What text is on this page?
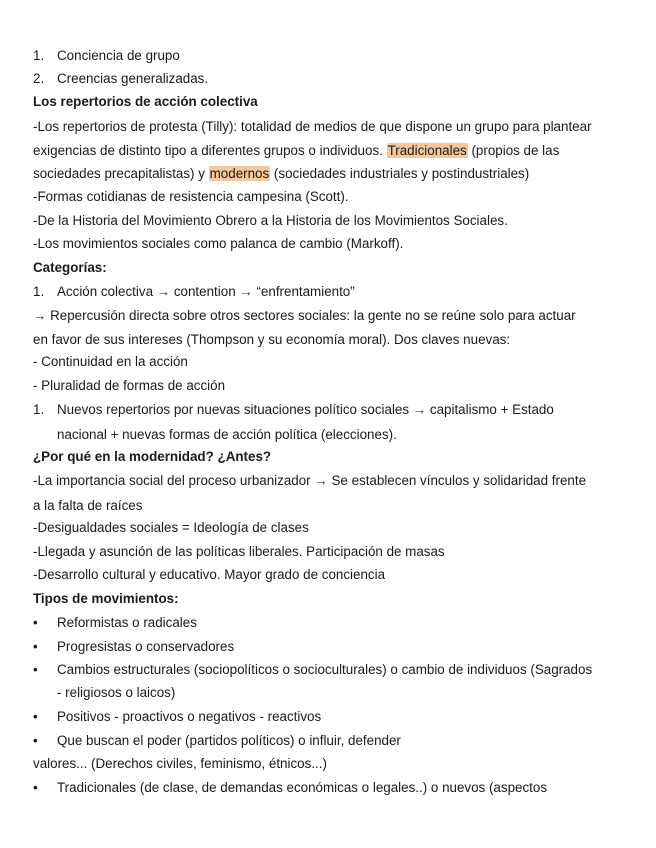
1. Conciencia de grupo
2. Creencias generalizadas.
Los repertorios de acción colectiva
-Los repertorios de protesta (Tilly): totalidad de medios de que dispone un grupo para plantear
exigencias de distinto tipo a diferentes grupos o individuos. Tradicionales (propios de las
sociedades precapitalistas) y modernos (sociedades industriales y postindustriales)
-Formas cotidianas de resistencia campesina (Scott).
-De la Historia del Movimiento Obrero a la Historia de los Movimientos Sociales.
-Los movimientos sociales como palanca de cambio (Markoff).
Categorías:
1. Acción colectiva → contention → “enfrentamiento”
→ Repercusión directa sobre otros sectores sociales: la gente no se reúne solo para actuar
en favor de sus intereses (Thompson y su economía moral). Dos claves nuevas:
- Continuidad en la acción
- Pluralidad de formas de acción
1. Nuevos repertorios por nuevas situaciones político sociales → capitalismo + Estado
nacional + nuevas formas de acción política (elecciones).
¿Por qué en la modernidad? ¿Antes?
-La importancia social del proceso urbanizador → Se establecen vínculos y solidaridad frente
a la falta de raíces
-Desigualdades sociales = Ideología de clases
-Llegada y asunción de las políticas liberales. Participación de masas
-Desarrollo cultural y educativo. Mayor grado de conciencia
Tipos de movimientos:
• Reformistas o radicales
• Progresistas o conservadores
• Cambios estructurales (sociopolíticos o socioculturales) o cambio de individuos (Sagrados
- religiosos o laicos)
• Positivos - proactivos o negativos - reactivos
• Que buscan el poder (partidos políticos) o influir, defender
valores... (Derechos civiles, feminismo, étnicos...)
• Tradicionales (de clase, de demandas económicas o legales..) o nuevos (aspectos
